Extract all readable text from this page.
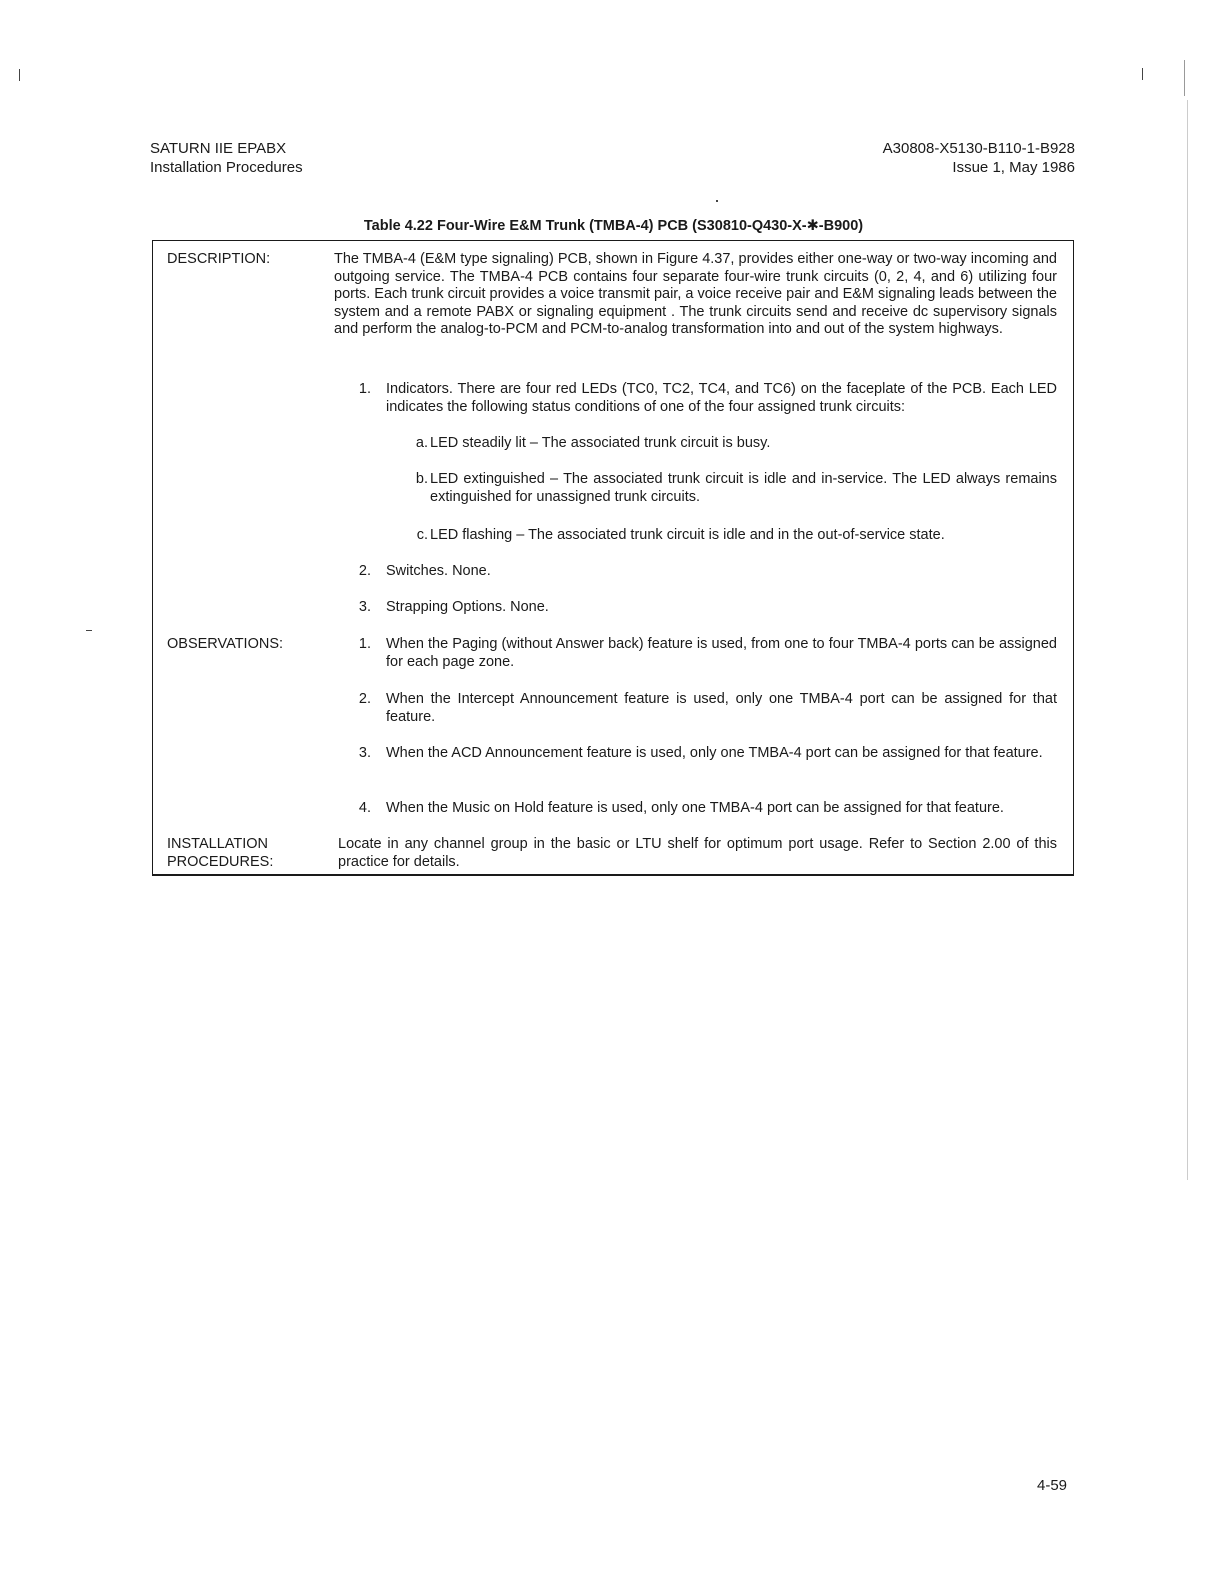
SATURN IIE EPABX
Installation Procedures
A30808-X5130-B110-1-B928
Issue 1, May 1986
Table 4.22 Four-Wire E&M Trunk (TMBA-4) PCB (S30810-Q430-X-✱-B900)
DESCRIPTION:	The TMBA-4 (E&M type signaling) PCB, shown in Figure 4.37, provides either one-way or two-way incoming and outgoing service. The TMBA-4 PCB contains four separate four-wire trunk circuits (0, 2, 4, and 6) utilizing four ports. Each trunk circuit provides a voice transmit pair, a voice receive pair and E&M signaling leads between the system and a remote PABX or signaling equipment . The trunk circuits send and receive dc supervisory signals and perform the analog-to-PCM and PCM-to-analog transformation into and out of the system highways.
1. Indicators. There are four red LEDs (TC0, TC2, TC4, and TC6) on the faceplate of the PCB. Each LED indicates the following status conditions of one of the four assigned trunk circuits:
a. LED steadily lit – The associated trunk circuit is busy.
b. LED extinguished – The associated trunk circuit is idle and in-service. The LED always remains extinguished for unassigned trunk circuits.
c. LED flashing – The associated trunk circuit is idle and in the out-of-service state.
2. Switches. None.
3. Strapping Options. None.
OBSERVATIONS:	1. When the Paging (without Answer back) feature is used, from one to four TMBA-4 ports can be assigned for each page zone.
2. When the Intercept Announcement feature is used, only one TMBA-4 port can be assigned for that feature.
3. When the ACD Announcement feature is used, only one TMBA-4 port can be assigned for that feature.
4. When the Music on Hold feature is used, only one TMBA-4 port can be assigned for that feature.
INSTALLATION
PROCEDURES:
Locate in any channel group in the basic or LTU shelf for optimum port usage. Refer to Section 2.00 of this practice for details.
4-59
